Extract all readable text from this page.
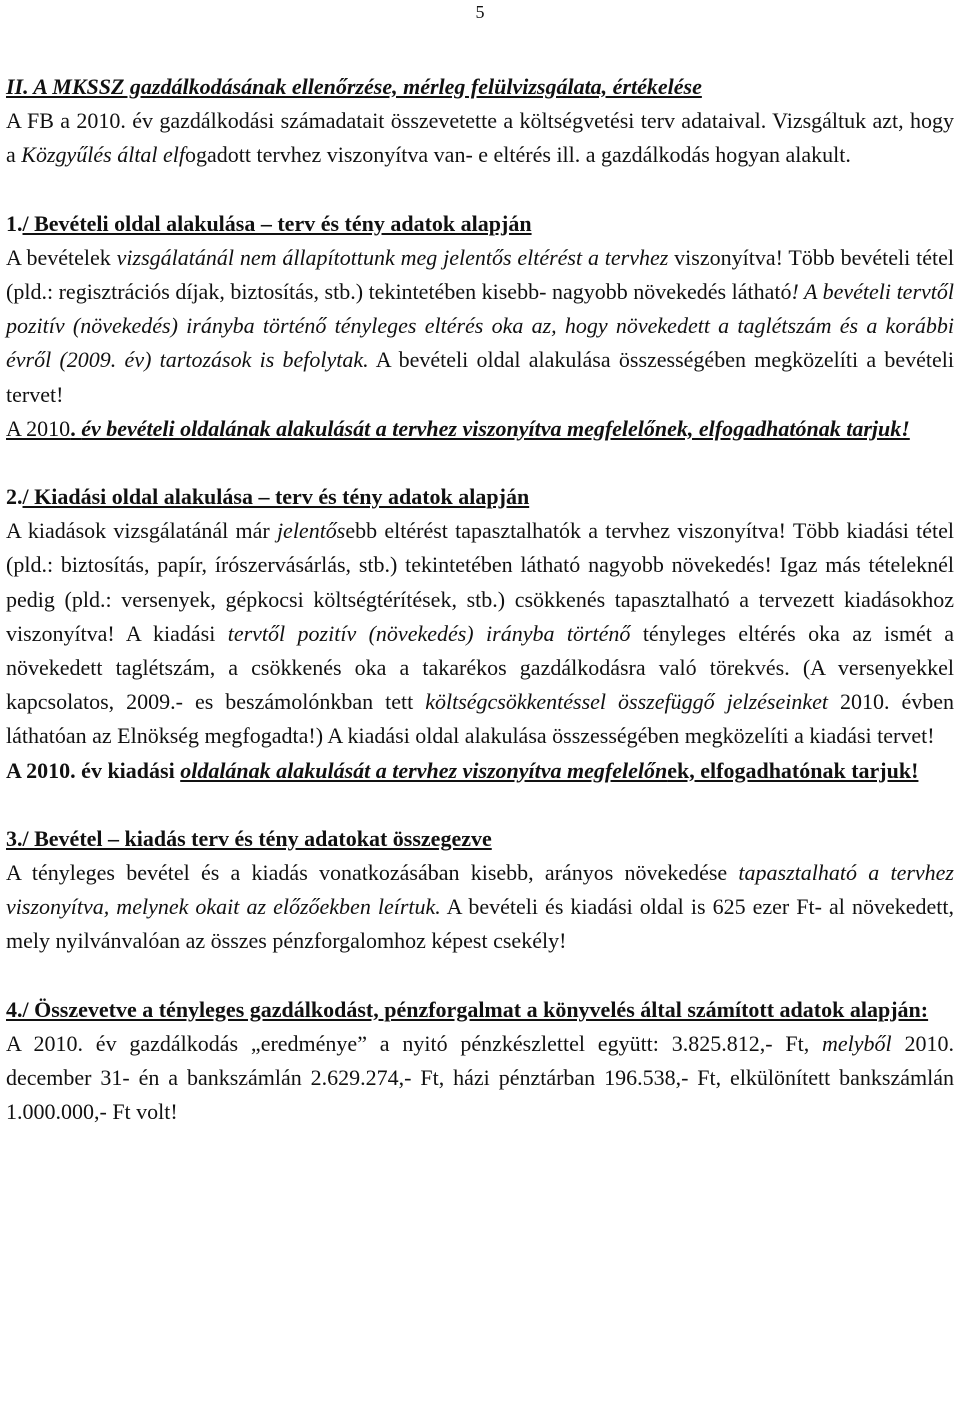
5

II. A MKSSZ gazdálkodásának ellenőrzése, mérleg felülvizsgálata, értékelése

A FB a 2010. év gazdálkodási számadatait összevetette a költségvetési terv adataival. Vizsgáltuk azt, hogy a Közgyűlés által elfogadott tervhez viszonyítva van- e eltérés ill. a gazdálkodás hogyan alakult.

1./ Bevételi oldal alakulása – terv és tény adatok alapján

A bevételek vizsgálatánál nem állapítottunk meg jelentős eltérést a tervhez viszonyítva! Több bevételi tétel (pld.: regisztrációs díjak, biztosítás, stb.) tekintetében kisebb- nagyobb növekedés látható! A bevételi tervtől pozitív (növekedés) irányba történő tényleges eltérés oka az, hogy növekedett a taglétszám és a korábbi évről (2009. év) tartozások is befolytak. A bevételi oldal alakulása összességében megközelíti a bevételi tervet!

A 2010. év bevételi oldalának alakulását a tervhez viszonyítva megfelelőnek, elfogadhatónak tarjuk!

2./ Kiadási oldal alakulása – terv és tény adatok alapján

A kiadások vizsgálatánál már jelentősebb eltérést tapasztalhatók a tervhez viszonyítva! Több kiadási tétel (pld.: biztosítás, papír, írószervásárlás, stb.) tekintetében látható nagyobb növekedés! Igaz más tételeknél pedig (pld.: versenyek, gépkocsi költségtérítések, stb.) csökkenés tapasztalható a tervezett kiadásokhoz viszonyítva! A kiadási tervtől pozitív (növekedés) irányba történő tényleges eltérés oka az ismét a növekedett taglétszám, a csökkenés oka a takarékos gazdálkodásra való törekvés. (A versenyekkel kapcsolatos, 2009.- es beszámolónkban tett költségcsökkentéssel összefüggő jelzéseinket 2010. évben láthatóan az Elnökség megfogadta!) A kiadási oldal alakulása összességében megközelíti a kiadási tervet!

A 2010. év kiadási oldalának alakulását a tervhez viszonyítva megfelelőnek, elfogadhatónak tarjuk!

3./ Bevétel – kiadás terv és tény adatokat összegezve

A tényleges bevétel és a kiadás vonatkozásában kisebb, arányos növekedése tapasztalható a tervhez viszonyítva, melynek okait az előzőekben leírtuk. A bevételi és kiadási oldal is 625 ezer Ft- al növekedett, mely nyilvánvalóan az összes pénzforgalomhoz képest csekély!

4./ Összevetve a tényleges gazdálkodást, pénzforgalmat a könyvelés által számított adatok alapján:

A 2010. év gazdálkodás „eredménye” a nyitó pénzkészlettel együtt: 3.825.812,- Ft, melyből 2010. december 31- én a bankszámlán 2.629.274,- Ft, házi pénztárban 196.538,- Ft, elkülönített bankszámlán 1.000.000,- Ft volt!
